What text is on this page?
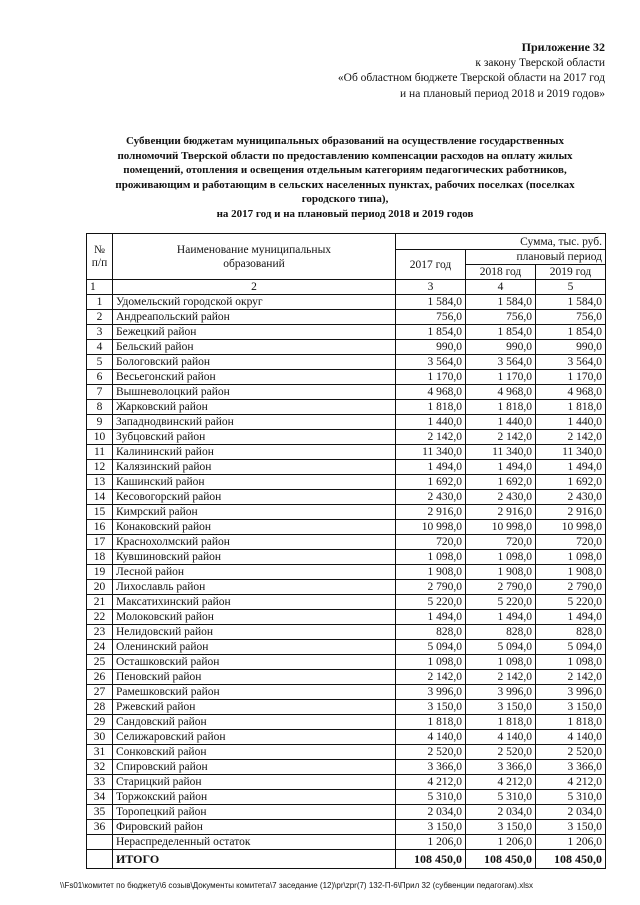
Приложение 32
к закону Тверской области
«Об областном бюджете Тверской области на 2017 год
и на плановый период 2018 и 2019 годов»
Субвенции бюджетам муниципальных образований на осуществление государственных
полномочий Тверской области по предоставлению компенсации расходов на оплату жилых
помещений, отопления и освещения отдельным категориям педагогических работников,
проживающим и работающим в сельских населенных пунктах, рабочих поселках (поселках
городского типа),
на 2017 год и на плановый период 2018 и 2019 годов
№ п/п	Наименование муниципальных образований	Сумма, тыс. руб.		
		2017 год	плановый период	
			2018 год	2019 год
1	2	3	4	5
1	Удомельский городской округ	1 584,0	1 584,0	1 584,0
2	Андреапольский район	756,0	756,0	756,0
3	Бежецкий район	1 854,0	1 854,0	1 854,0
4	Бельский район	990,0	990,0	990,0
5	Бологовский район	3 564,0	3 564,0	3 564,0
6	Весьегонский район	1 170,0	1 170,0	1 170,0
7	Вышневолоцкий район	4 968,0	4 968,0	4 968,0
8	Жарковский район	1 818,0	1 818,0	1 818,0
9	Западнодвинский район	1 440,0	1 440,0	1 440,0
10	Зубцовский район	2 142,0	2 142,0	2 142,0
11	Калининский район	11 340,0	11 340,0	11 340,0
12	Калязинский район	1 494,0	1 494,0	1 494,0
13	Кашинский район	1 692,0	1 692,0	1 692,0
14	Кесовогорский район	2 430,0	2 430,0	2 430,0
15	Кимрский район	2 916,0	2 916,0	2 916,0
16	Конаковский район	10 998,0	10 998,0	10 998,0
17	Краснохолмский район	720,0	720,0	720,0
18	Кувшиновский район	1 098,0	1 098,0	1 098,0
19	Лесной район	1 908,0	1 908,0	1 908,0
20	Лихославль район	2 790,0	2 790,0	2 790,0
21	Максатихинский район	5 220,0	5 220,0	5 220,0
22	Молоковский район	1 494,0	1 494,0	1 494,0
23	Нелидовский район	828,0	828,0	828,0
24	Оленинский район	5 094,0	5 094,0	5 094,0
25	Осташковский район	1 098,0	1 098,0	1 098,0
26	Пеновский район	2 142,0	2 142,0	2 142,0
27	Рамешковский район	3 996,0	3 996,0	3 996,0
28	Ржевский район	3 150,0	3 150,0	3 150,0
29	Сандовский район	1 818,0	1 818,0	1 818,0
30	Селижаровский район	4 140,0	4 140,0	4 140,0
31	Сонковский район	2 520,0	2 520,0	2 520,0
32	Спировский район	3 366,0	3 366,0	3 366,0
33	Старицкий район	4 212,0	4 212,0	4 212,0
34	Торжокский район	5 310,0	5 310,0	5 310,0
35	Торопецкий район	2 034,0	2 034,0	2 034,0
36	Фировский район	3 150,0	3 150,0	3 150,0
	Нераспределенный остаток	1 206,0	1 206,0	1 206,0
	ИТОГО	108 450,0	108 450,0	108 450,0
\\Fs01\комитет по бюджету\6 созыв\Документы комитета\7 заседание (12)\pr\zpr(7) 132-П-6\Прил 32 (субвенции педагогам).xlsx
